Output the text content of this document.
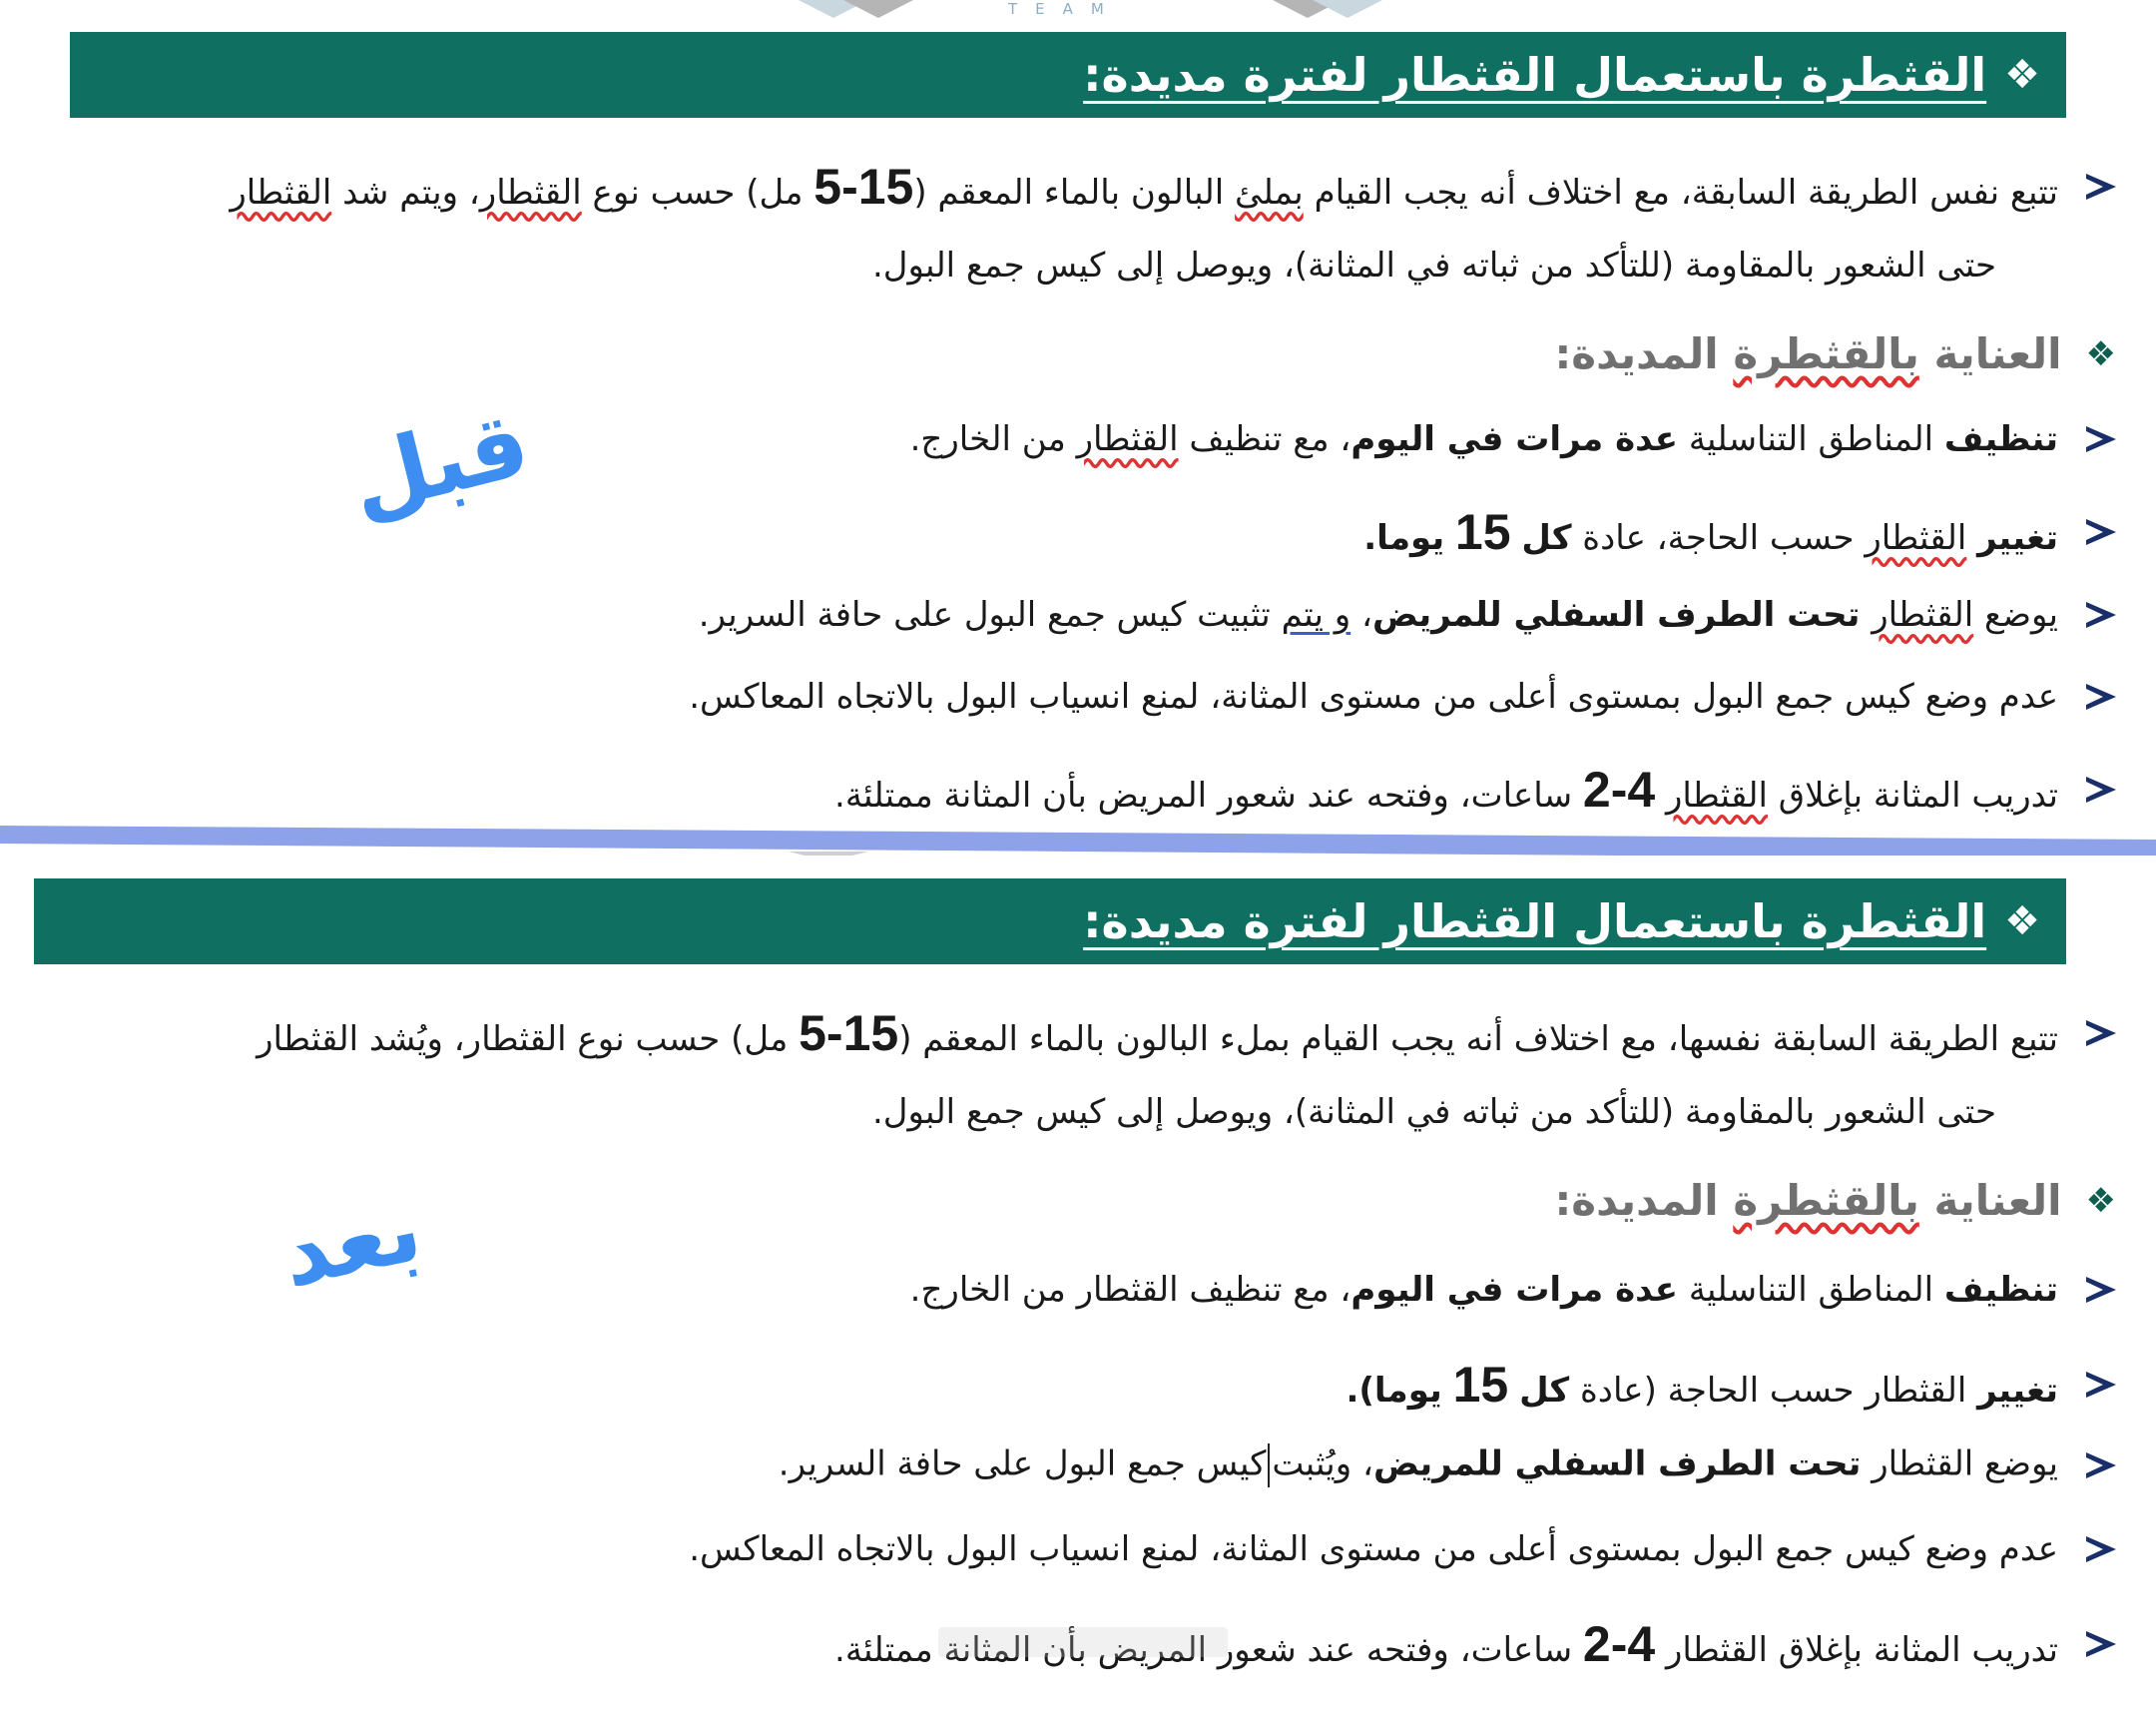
TEAM
❖
القثطرة باستعمال القثطار لفترة مديدة:
تتبع نفس الطريقة السابقة، مع اختلاف أنه يجب القيام بملئ البالون بالماء المعقم (15-5 مل) حسب نوع القثطار، ويتم شد القثطار
حتى الشعور بالمقاومة (للتأكد من ثباته في المثانة)، ويوصل إلى كيس جمع البول.
❖
العناية بالقثطرة المديدة:
تنظيف المناطق التناسلية عدة مرات في اليوم، مع تنظيف القثطار من الخارج.
تغيير القثطار حسب الحاجة، عادة كل 15 يوما.
يوضع القثطار تحت الطرف السفلي للمريض، و يتم تثبيت كيس جمع البول على حافة السرير.
عدم وضع كيس جمع البول بمستوى أعلى من مستوى المثانة، لمنع انسياب البول بالاتجاه المعاكس.
تدريب المثانة بإغلاق القثطار 4-2 ساعات، وفتحه عند شعور المريض بأن المثانة ممتلئة.
قبل
❖
القثطرة باستعمال القثطار لفترة مديدة:
تتبع الطريقة السابقة نفسها، مع اختلاف أنه يجب القيام بملء البالون بالماء المعقم (15-5 مل) حسب نوع القثطار، ويُشد القثطار
حتى الشعور بالمقاومة (للتأكد من ثباته في المثانة)، ويوصل إلى كيس جمع البول.
❖
العناية بالقثطرة المديدة:
تنظيف المناطق التناسلية عدة مرات في اليوم، مع تنظيف القثطار من الخارج.
تغيير القثطار حسب الحاجة (عادة كل 15 يوما).
يوضع القثطار تحت الطرف السفلي للمريض، ويُثبتكيس جمع البول على حافة السرير.
عدم وضع كيس جمع البول بمستوى أعلى من مستوى المثانة، لمنع انسياب البول بالاتجاه المعاكس.
تدريب المثانة بإغلاق القثطار 4-2 ساعات، وفتحه عند شعور المريض بأن المثانة ممتلئة.
بعد
